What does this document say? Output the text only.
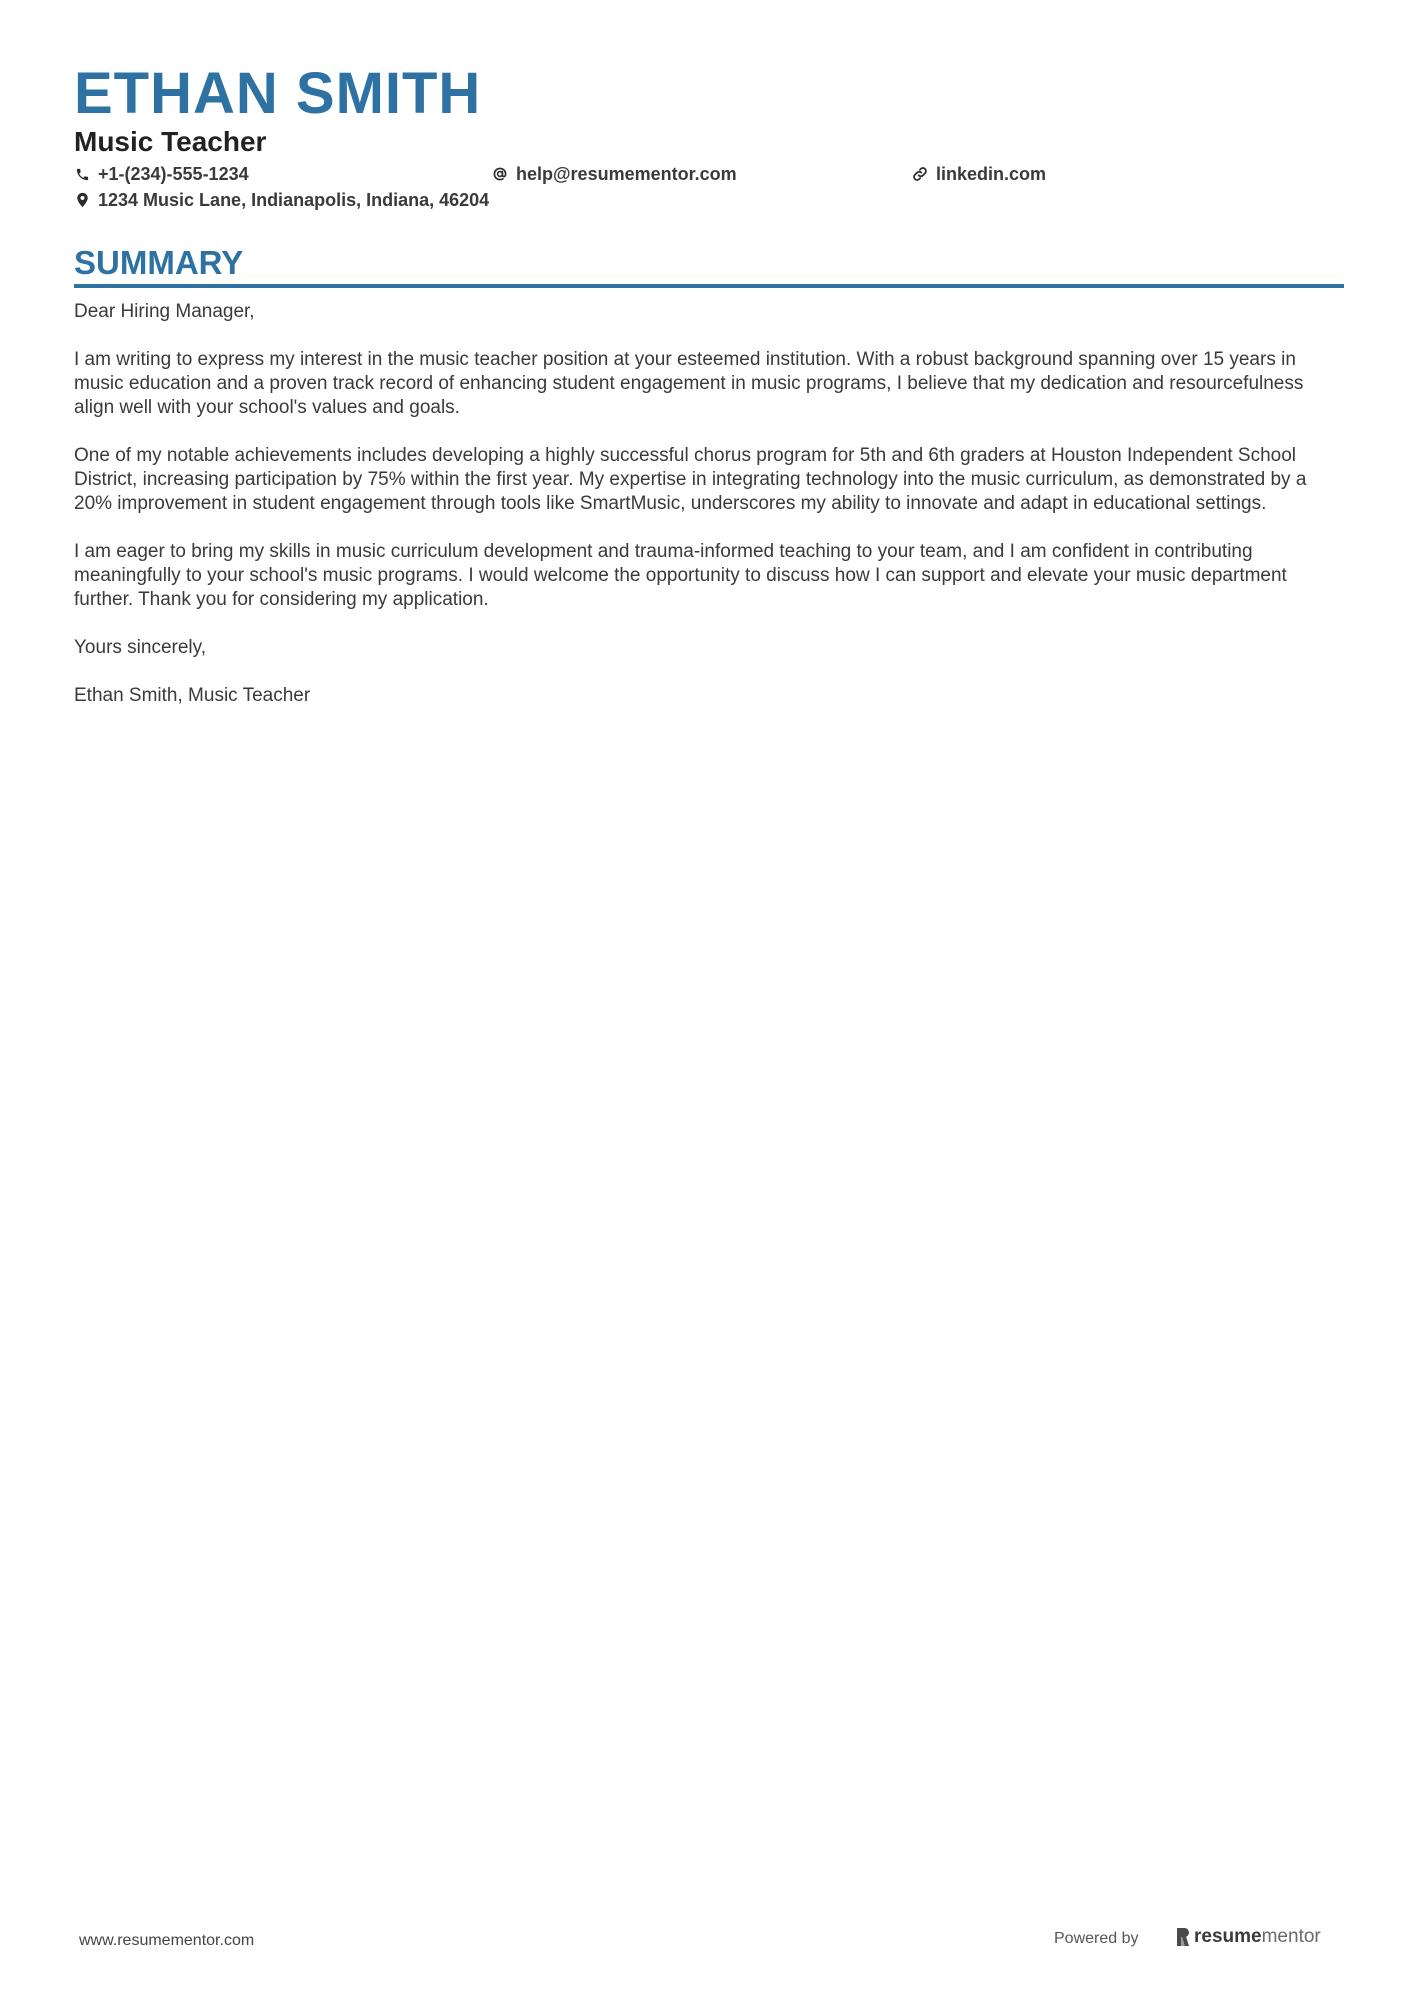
ETHAN SMITH
Music Teacher
+1-(234)-555-1234	help@resumementor.com	linkedin.com
1234 Music Lane, Indianapolis, Indiana, 46204
SUMMARY

Dear Hiring Manager,

I am writing to express my interest in the music teacher position at your esteemed institution. With a robust background spanning over 15 years in music education and a proven track record of enhancing student engagement in music programs, I believe that my dedication and resourcefulness align well with your school's values and goals.

One of my notable achievements includes developing a highly successful chorus program for 5th and 6th graders at Houston Independent School District, increasing participation by 75% within the first year. My expertise in integrating technology into the music curriculum, as demonstrated by a 20% improvement in student engagement through tools like SmartMusic, underscores my ability to innovate and adapt in educational settings.

I am eager to bring my skills in music curriculum development and trauma-informed teaching to your team, and I am confident in contributing meaningfully to your school's music programs. I would welcome the opportunity to discuss how I can support and elevate your music department further. Thank you for considering my application.

Yours sincerely,

Ethan Smith, Music Teacher

www.resumementor.com	Powered by	resume mentor
